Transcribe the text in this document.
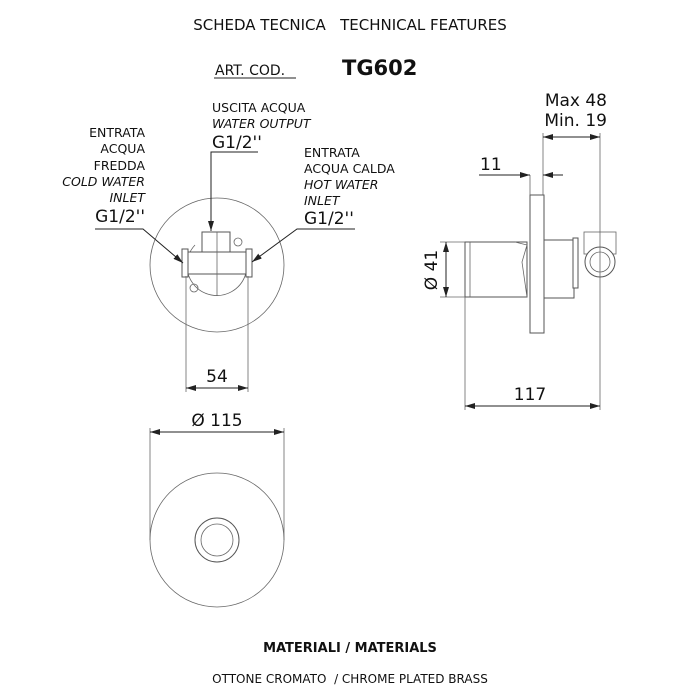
SCHEDA TECNICA   TECHNICAL FEATURES
ART. COD.	TG602
ENTRATA
ACQUA
FREDDA
COLD WATER
INLET
G1/2''
USCITA ACQUA
WATER OUTPUT
G1/2''	ENTRATA
ACQUA CALDA
HOT WATER
INLET
G1/2''
54
Max 48
Min. 19
11
Ø 41
117
Ø 115
MATERIALI / MATERIALS
OTTONE CROMATO  / CHROME PLATED BRASS
